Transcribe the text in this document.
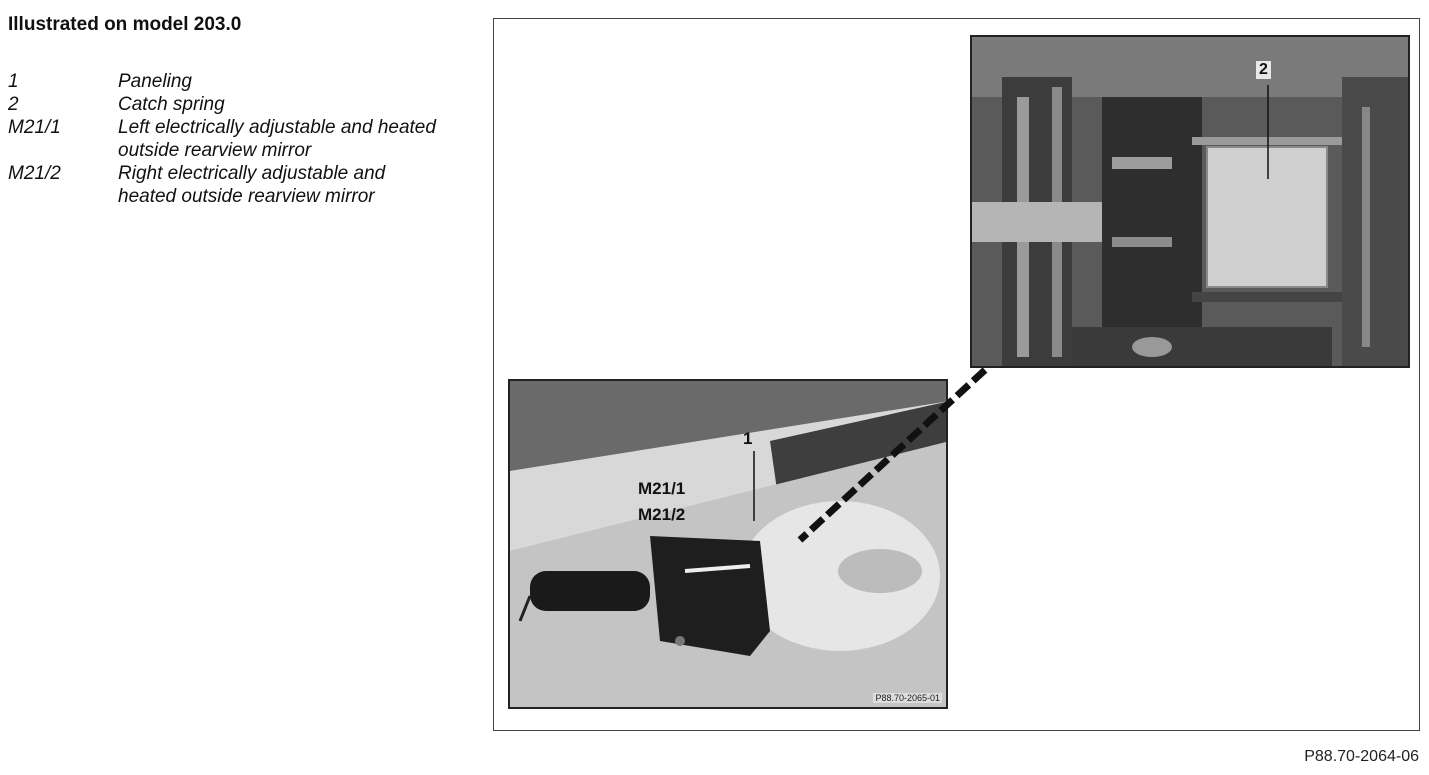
Illustrated on model 203.0
1	Paneling
2	Catch spring
M21/1	Left electrically adjustable and heated outside rearview mirror
M21/2	Right electrically adjustable and heated outside rearview mirror
2
1
M21/1
M21/2
P88.70-2065-01
P88.70-2064-06
